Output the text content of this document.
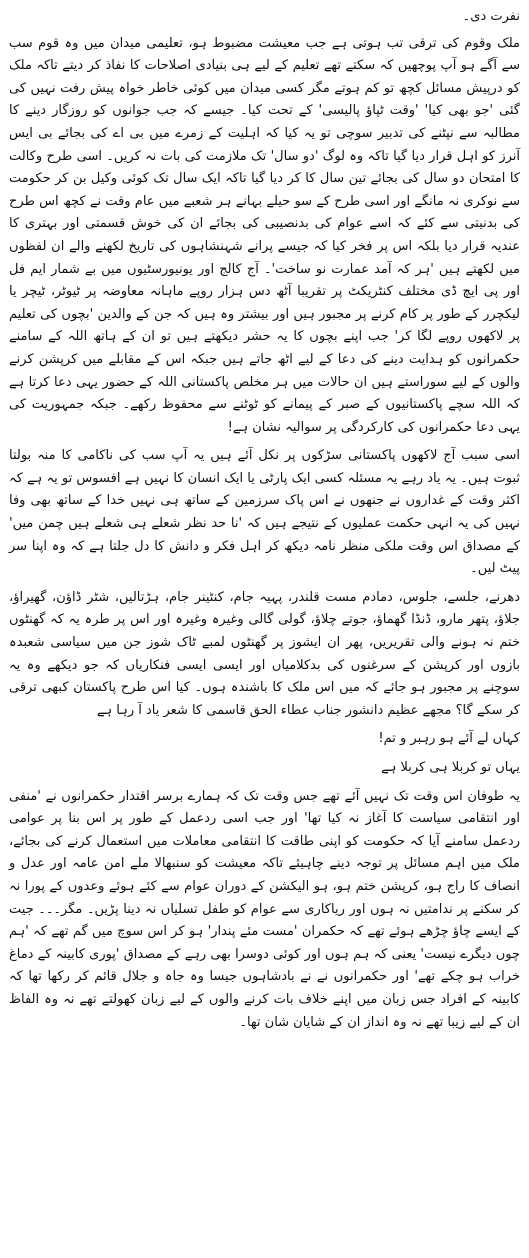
نفرت دی۔

ملک وقوم کی ترقی تب ہوتی ہے جب معیشت مضبوط ہو، تعلیمی میدان میں وہ قوم سب سے آگے ہو آپ پوچھیں کہ سکتے تھے تعلیم کے لیے ہی بنیادی اصلاحات کا نفاذ کر دیتے تاکہ ملک کو درپیش مسائل کچھ تو کم ہوتے مگر کسی میدان میں کوئی خاطر خواہ پیش رفت نہیں کی گئی 'جو بھی کیا' 'وقت ٹپاؤ پالیسی' کے تحت کیا۔ جیسے کہ جب جوانوں کو روزگار دینے کا مطالبہ سے نپٹنے کی تدبیر سوچی تو یہ کیا کہ اہلیت کے زمرے میں بی اے کی بجائے بی ایس آنرز کو اہل قرار دیا گیا تاکہ وہ لوگ 'دو سال' تک ملازمت کی بات نہ کریں۔ اسی طرح وکالت کا امتحان دو سال کی بجائے تین سال کا کر دیا گیا تاکہ ایک سال تک کوئی وکیل بن کر حکومت سے نوکری نہ مانگے اور اسی طرح کے سو حیلے بہانے ہر شعبے میں عام وقت نے کچھ اس طرح کی بدنیتی سے کئے کہ اسے عوام کی بدنصیبی کی بجائے ان کی خوش قسمتی اور بہتری کا عندیہ قرار دیا بلکہ اس پر فخر کیا کہ جیسے پرانے شہنشاہوں کی تاریخ لکھنے والے ان لفظوں میں لکھتے ہیں 'ہر کہ آمد عمارت نو ساخت'۔ آج کالج اور یونیورسٹیوں میں بے شمار ایم فل اور پی ایچ ڈی مختلف کنٹریکٹ پر تقریبا آٹھ دس ہزار روپے ماہانہ معاوضہ پر ٹیوٹر، ٹیچر یا لیکچرر کے طور پر کام کرنے پر مجبور ہیں اور بیشتر وہ ہیں کہ جن کے والدین 'بچوں کی تعلیم پر لاکھوں روپے لگا کر' جب اپنے بچوں کا یہ حشر دیکھتے ہیں تو ان کے ہاتھ اللہ کے سامنے حکمرانوں کو ہدایت دینے کی دعا کے لیے اٹھ جاتے ہیں جبکہ اس کے مقابلے میں کرپشن کرنے والوں کے لیے سوراستے ہیں ان حالات میں ہر مخلص پاکستانی اللہ کے حضور یہی دعا کرتا ہے کہ اللہ سچے پاکستانیوں کے صبر کے پیمانے کو ٹوٹنے سے محفوظ رکھے۔ جبکہ جمہوریت کی یہی دعا حکمرانوں کی کارکردگی پر سوالیہ نشان ہے!

اسی سبب آج لاکھوں پاکستانی سڑکوں پر نکل آئے ہیں یہ آپ سب کی ناکامی کا منہ بولتا ثبوت ہیں۔ یہ یاد رہے یہ مسئلہ کسی ایک پارٹی یا ایک انسان کا نہیں ہے افسوس تو یہ ہے کہ اکثر وقت کے غداروں نے جنھوں نے اس پاک سرزمین کے ساتھ ہی نہیں خدا کے ساتھ بھی وفا نہیں کی یہ انہی حکمت عملیوں کے نتیجے ہیں کہ 'نا حد نظر شعلے ہی شعلے ہیں چمن میں' کے مصداق اس وقت ملکی منظر نامہ دیکھ کر اہل فکر و دانش کا دل جلتا ہے کہ وہ اپنا سر پیٹ لیں۔

دھرنے، جلسے، جلوس، دمادم مست قلندر، پہیہ جام، کنٹینر جام، ہڑتالیں، شٹر ڈاؤن، گھیراؤ، جلاؤ، پتھر مارو، ڈنڈا گھماؤ، جوتے چلاؤ، گولی گالی وغیرہ وغیرہ اور اس پر طرہ یہ کہ گھنٹوں ختم نہ ہونے والی تقریریں، پھر ان ایشوز پر گھنٹوں لمبے ٹاک شوز جن میں سیاسی شعبدہ بازوں اور کرپشن کے سرغنوں کی بدکلامیاں اور ایسی ایسی فنکاریاں کہ جو دیکھے وہ یہ سوچنے پر مجبور ہو جائے کہ میں اس ملک کا باشندہ ہوں۔ کیا اس طرح پاکستان کبھی ترقی کر سکے گا؟ مجھے عظیم دانشور جناب عطاء الحق قاسمی کا شعر یاد آ رہا ہے

کہاں لے آئے ہو رہبر و تم!

یہاں تو کربلا ہی کربلا ہے

یہ طوفان اس وقت تک نہیں آئے تھے جس وقت تک کہ ہمارے برسر اقتدار حکمرانوں نے 'منفی اور انتقامی سیاست کا آغاز نہ کیا تھا' اور جب اسی ردعمل کے طور پر اس بنا پر عوامی ردعمل سامنے آیا کہ حکومت کو اپنی طاقت کا انتقامی معاملات میں استعمال کرنے کی بجائے، ملک میں اہم مسائل پر توجہ دینے چاہیئے تاکہ معیشت کو سنبھالا ملے امن عامہ اور عدل و انصاف کا راج ہو، کرپشن ختم ہو، ہو الیکشن کے دوران عوام سے کئے ہوئے وعدوں کے پورا نہ کر سکنے پر ندامتیں نہ ہوں اور ریاکاری سے عوام کو طفل تسلیاں نہ دینا پڑیں۔ مگر۔۔۔ جیت کے ایسے چاؤ چڑھے ہوئے تھے کہ حکمران 'مست مئے پندار' ہو کر اس سوچ میں گم تھے کہ 'ہم چوں دیگرے نیست' یعنی کہ ہم ہوں اور کوئی دوسرا بھی رہے کے مصداق 'پوری کابینہ کے دماغ خراب ہو چکے تھے' اور حکمرانوں نے نے بادشاہوں جیسا وہ جاہ و جلال قائم کر رکھا تھا کہ کابینہ کے افراد جس زبان میں اپنے خلاف بات کرنے والوں کے لیے زبان کھولتے تھے نہ وہ الفاظ ان کے لیے زیبا تھے نہ وہ انداز ان کے شایان شان تھا۔
